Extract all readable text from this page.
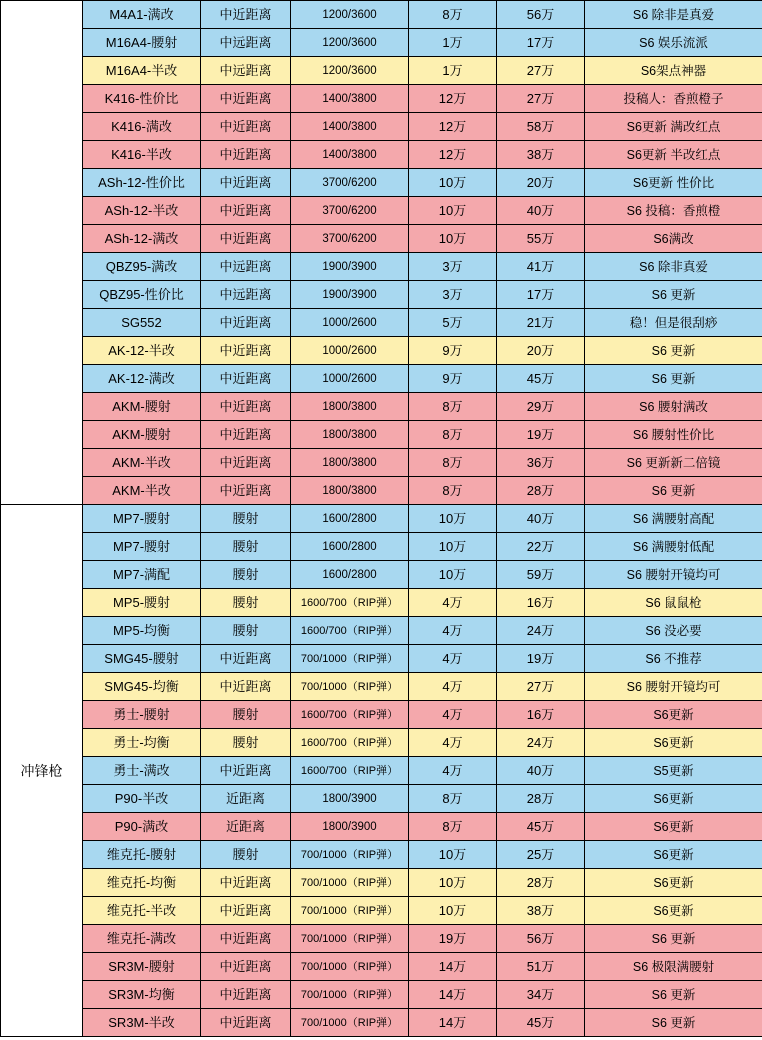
	M4A1-满改	中近距离	1200/3600	8万	56万	S6 除非是真爱
	M16A4-腰射	中远距离	1200/3600	1万	17万	S6 娱乐流派
	M16A4-半改	中远距离	1200/3600	1万	27万	S6架点神器
	K416-性价比	中近距离	1400/3800	12万	27万	投稿人：香煎橙子
	K416-满改	中近距离	1400/3800	12万	58万	S6更新 满改红点
	K416-半改	中近距离	1400/3800	12万	38万	S6更新 半改红点
	ASh-12-性价比	中近距离	3700/6200	10万	20万	S6更新 性价比
	ASh-12-半改	中近距离	3700/6200	10万	40万	S6 投稿：香煎橙
	ASh-12-满改	中近距离	3700/6200	10万	55万	S6满改
	QBZ95-满改	中远距离	1900/3900	3万	41万	S6 除非真爱
	QBZ95-性价比	中远距离	1900/3900	3万	17万	S6 更新
	SG552	中近距离	1000/2600	5万	21万	稳！但是很刮痧
	AK-12-半改	中近距离	1000/2600	9万	20万	S6 更新
	AK-12-满改	中近距离	1000/2600	9万	45万	S6 更新
	AKM-腰射	中近距离	1800/3800	8万	29万	S6 腰射满改
	AKM-腰射	中近距离	1800/3800	8万	19万	S6 腰射性价比
	AKM-半改	中近距离	1800/3800	8万	36万	S6 更新新二倍镜
	AKM-半改	中近距离	1800/3800	8万	28万	S6 更新
冲锋枪	MP7-腰射	腰射	1600/2800	10万	40万	S6 满腰射高配
	MP7-腰射	腰射	1600/2800	10万	22万	S6 满腰射低配
	MP7-满配	腰射	1600/2800	10万	59万	S6 腰射开镜均可
	MP5-腰射	腰射	1600/700（RIP弹）	4万	16万	S6 鼠鼠枪
	MP5-均衡	腰射	1600/700（RIP弹）	4万	24万	S6 没必要
	SMG45-腰射	中近距离	700/1000（RIP弹）	4万	19万	S6 不推荐
	SMG45-均衡	中近距离	700/1000（RIP弹）	4万	27万	S6 腰射开镜均可
	勇士-腰射	腰射	1600/700（RIP弹）	4万	16万	S6更新
	勇士-均衡	腰射	1600/700（RIP弹）	4万	24万	S6更新
	勇士-满改	中近距离	1600/700（RIP弹）	4万	40万	S5更新
	P90-半改	近距离	1800/3900	8万	28万	S6更新
	P90-满改	近距离	1800/3900	8万	45万	S6更新
	维克托-腰射	腰射	700/1000（RIP弹）	10万	25万	S6更新
	维克托-均衡	中近距离	700/1000（RIP弹）	10万	28万	S6更新
	维克托-半改	中近距离	700/1000（RIP弹）	10万	38万	S6更新
	维克托-满改	中近距离	700/1000（RIP弹）	19万	56万	S6 更新
	SR3M-腰射	中近距离	700/1000（RIP弹）	14万	51万	S6 极限满腰射
	SR3M-均衡	中近距离	700/1000（RIP弹）	14万	34万	S6 更新
	SR3M-半改	中近距离	700/1000（RIP弹）	14万	45万	S6 更新
